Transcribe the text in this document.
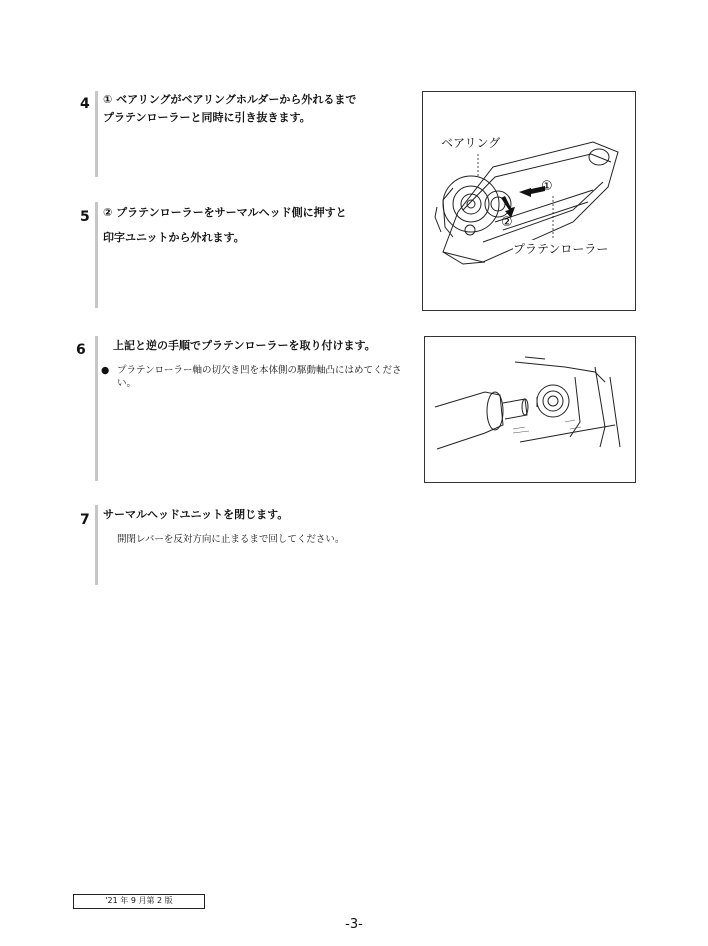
4 ① ベアリングがベアリングホルダーから外れるまで
プラテンローラーと同時に引き抜きます。
5 ② プラテンローラーをサーマルヘッド側に押すと
印字ユニットから外れます。
①
②
ベアリング
プラテンローラー
6 上記と逆の手順でプラテンローラーを取り付けます。
● プラテンローラー軸の切欠き凹を本体側の駆動軸凸にはめてください。
7 サーマルヘッドユニットを閉じます。
開閉レバーを反対方向に止まるまで回してください。
'21 年 9 月第 2 版
-3-
